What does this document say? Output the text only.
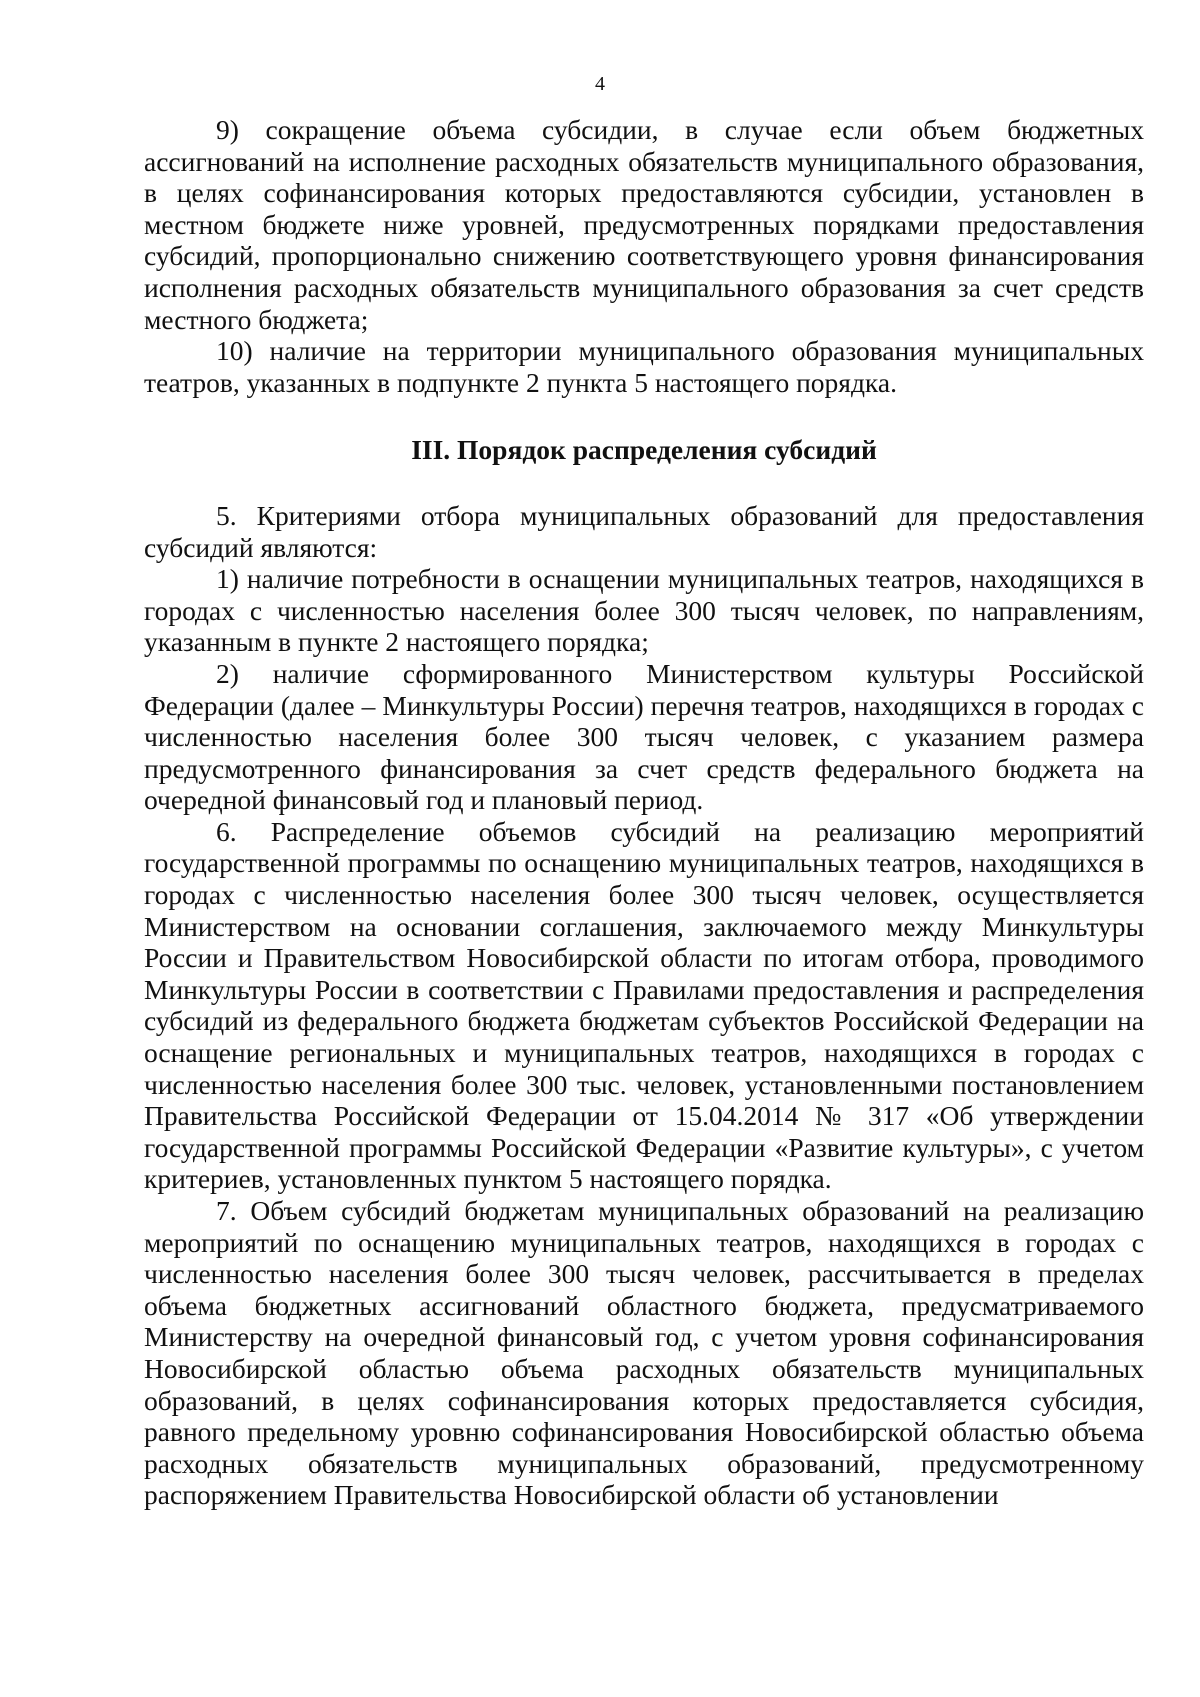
4

9) сокращение объема субсидии, в случае если объем бюджетных ассигнований на исполнение расходных обязательств муниципального образования, в целях софинансирования которых предоставляются субсидии, установлен в местном бюджете ниже уровней, предусмотренных порядками предоставления субсидий, пропорционально снижению соответствующего уровня финансирования исполнения расходных обязательств муниципального образования за счет средств местного бюджета;

10) наличие на территории муниципального образования муниципальных театров, указанных в подпункте 2 пункта 5 настоящего порядка.

III. Порядок распределения субсидий

5. Критериями отбора муниципальных образований для предоставления субсидий являются:

1) наличие потребности в оснащении муниципальных театров, находящихся в городах с численностью населения более 300 тысяч человек, по направлениям, указанным в пункте 2 настоящего порядка;

2) наличие сформированного Министерством культуры Российской Федерации (далее – Минкультуры России) перечня театров, находящихся в городах с численностью населения более 300 тысяч человек, с указанием размера предусмотренного финансирования за счет средств федерального бюджета на очередной финансовый год и плановый период.

6. Распределение объемов субсидий на реализацию мероприятий государственной программы по оснащению муниципальных театров, находящихся в городах с численностью населения более 300 тысяч человек, осуществляется Министерством на основании соглашения, заключаемого между Минкультуры России и Правительством Новосибирской области по итогам отбора, проводимого Минкультуры России в соответствии с Правилами предоставления и распределения субсидий из федерального бюджета бюджетам субъектов Российской Федерации на оснащение региональных и муниципальных театров, находящихся в городах с численностью населения более 300 тыс. человек, установленными постановлением Правительства Российской Федерации от 15.04.2014 № 317 «Об утверждении государственной программы Российской Федерации «Развитие культуры», с учетом критериев, установленных пунктом 5 настоящего порядка.

7. Объем субсидий бюджетам муниципальных образований на реализацию мероприятий по оснащению муниципальных театров, находящихся в городах с численностью населения более 300 тысяч человек, рассчитывается в пределах объема бюджетных ассигнований областного бюджета, предусматриваемого Министерству на очередной финансовый год, с учетом уровня софинансирования Новосибирской областью объема расходных обязательств муниципальных образований, в целях софинансирования которых предоставляется субсидия, равного предельному уровню софинансирования Новосибирской областью объема расходных обязательств муниципальных образований, предусмотренному распоряжением Правительства Новосибирской области об установлении
